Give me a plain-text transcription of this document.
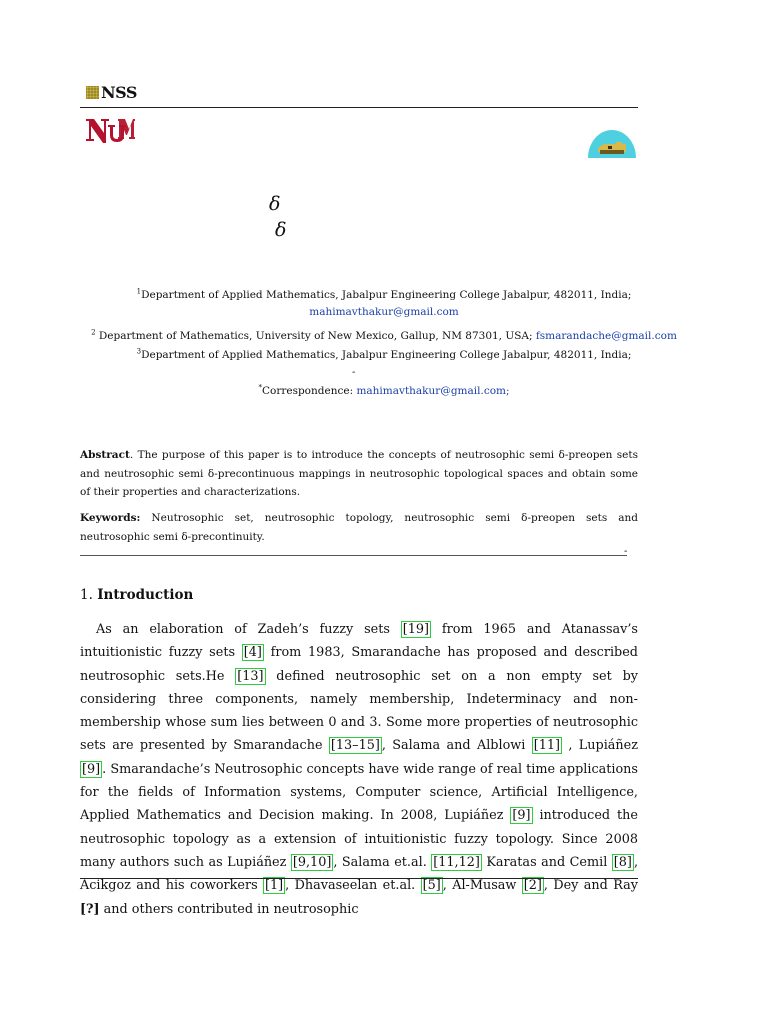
NSS
δ
δ
$^1$Department of Applied Mathematics, Jabalpur Engineering College Jabalpur, 482011, India;
mahimavthakur@gmail.com
$^2$ Department of Mathematics, University of New Mexico, Gallup, NM 87301, USA; fsmarandache@gmail.com
$^3$Department of Applied Mathematics, Jabalpur Engineering College Jabalpur, 482011, India;
-
*Correspondence: mahimavthakur@gmail.com;
Abstract. The purpose of this paper is to introduce the concepts of neutrosophic semi δ-preopen sets and neutrosophic semi δ-precontinuous mappings in neutrosophic topological spaces and obtain some of their properties and characterizations.
Keywords: Neutrosophic set, neutrosophic topology, neutrosophic semi δ-preopen sets and neutrosophic semi δ-precontinuity.
-
1. Introduction

As an elaboration of Zadeh’s fuzzy sets [19] from 1965 and Atanassav’s intuitionistic fuzzy sets [4] from 1983, Smarandache has proposed and described neutrosophic sets.He [13] defined neutrosophic set on a non empty set by considering three components, namely membership, Indeterminacy and non-membership whose sum lies between 0 and 3. Some more properties of neutrosophic sets are presented by Smarandache [13–15] , Salama and Alblowi [11] , Lupiáñez [9] . Smarandache’s Neutrosophic concepts have wide range of real time applications for the fields of Information systems, Computer science, Artificial Intelligence, Applied Mathematics and Decision making. In 2008, Lupiáñez [9] introduced the neutrosophic topology as a extension of intuitionistic fuzzy topology. Since 2008 many authors such as Lupiáñez [9,10] , Salama et.al. [11,12] Karatas and Cemil [8] , Acikgoz and his coworkers [1] , Dhavaseelan et.al. [5] , Al-Musaw [2] , Dey and Ray [?] and others contributed in neutrosophic
